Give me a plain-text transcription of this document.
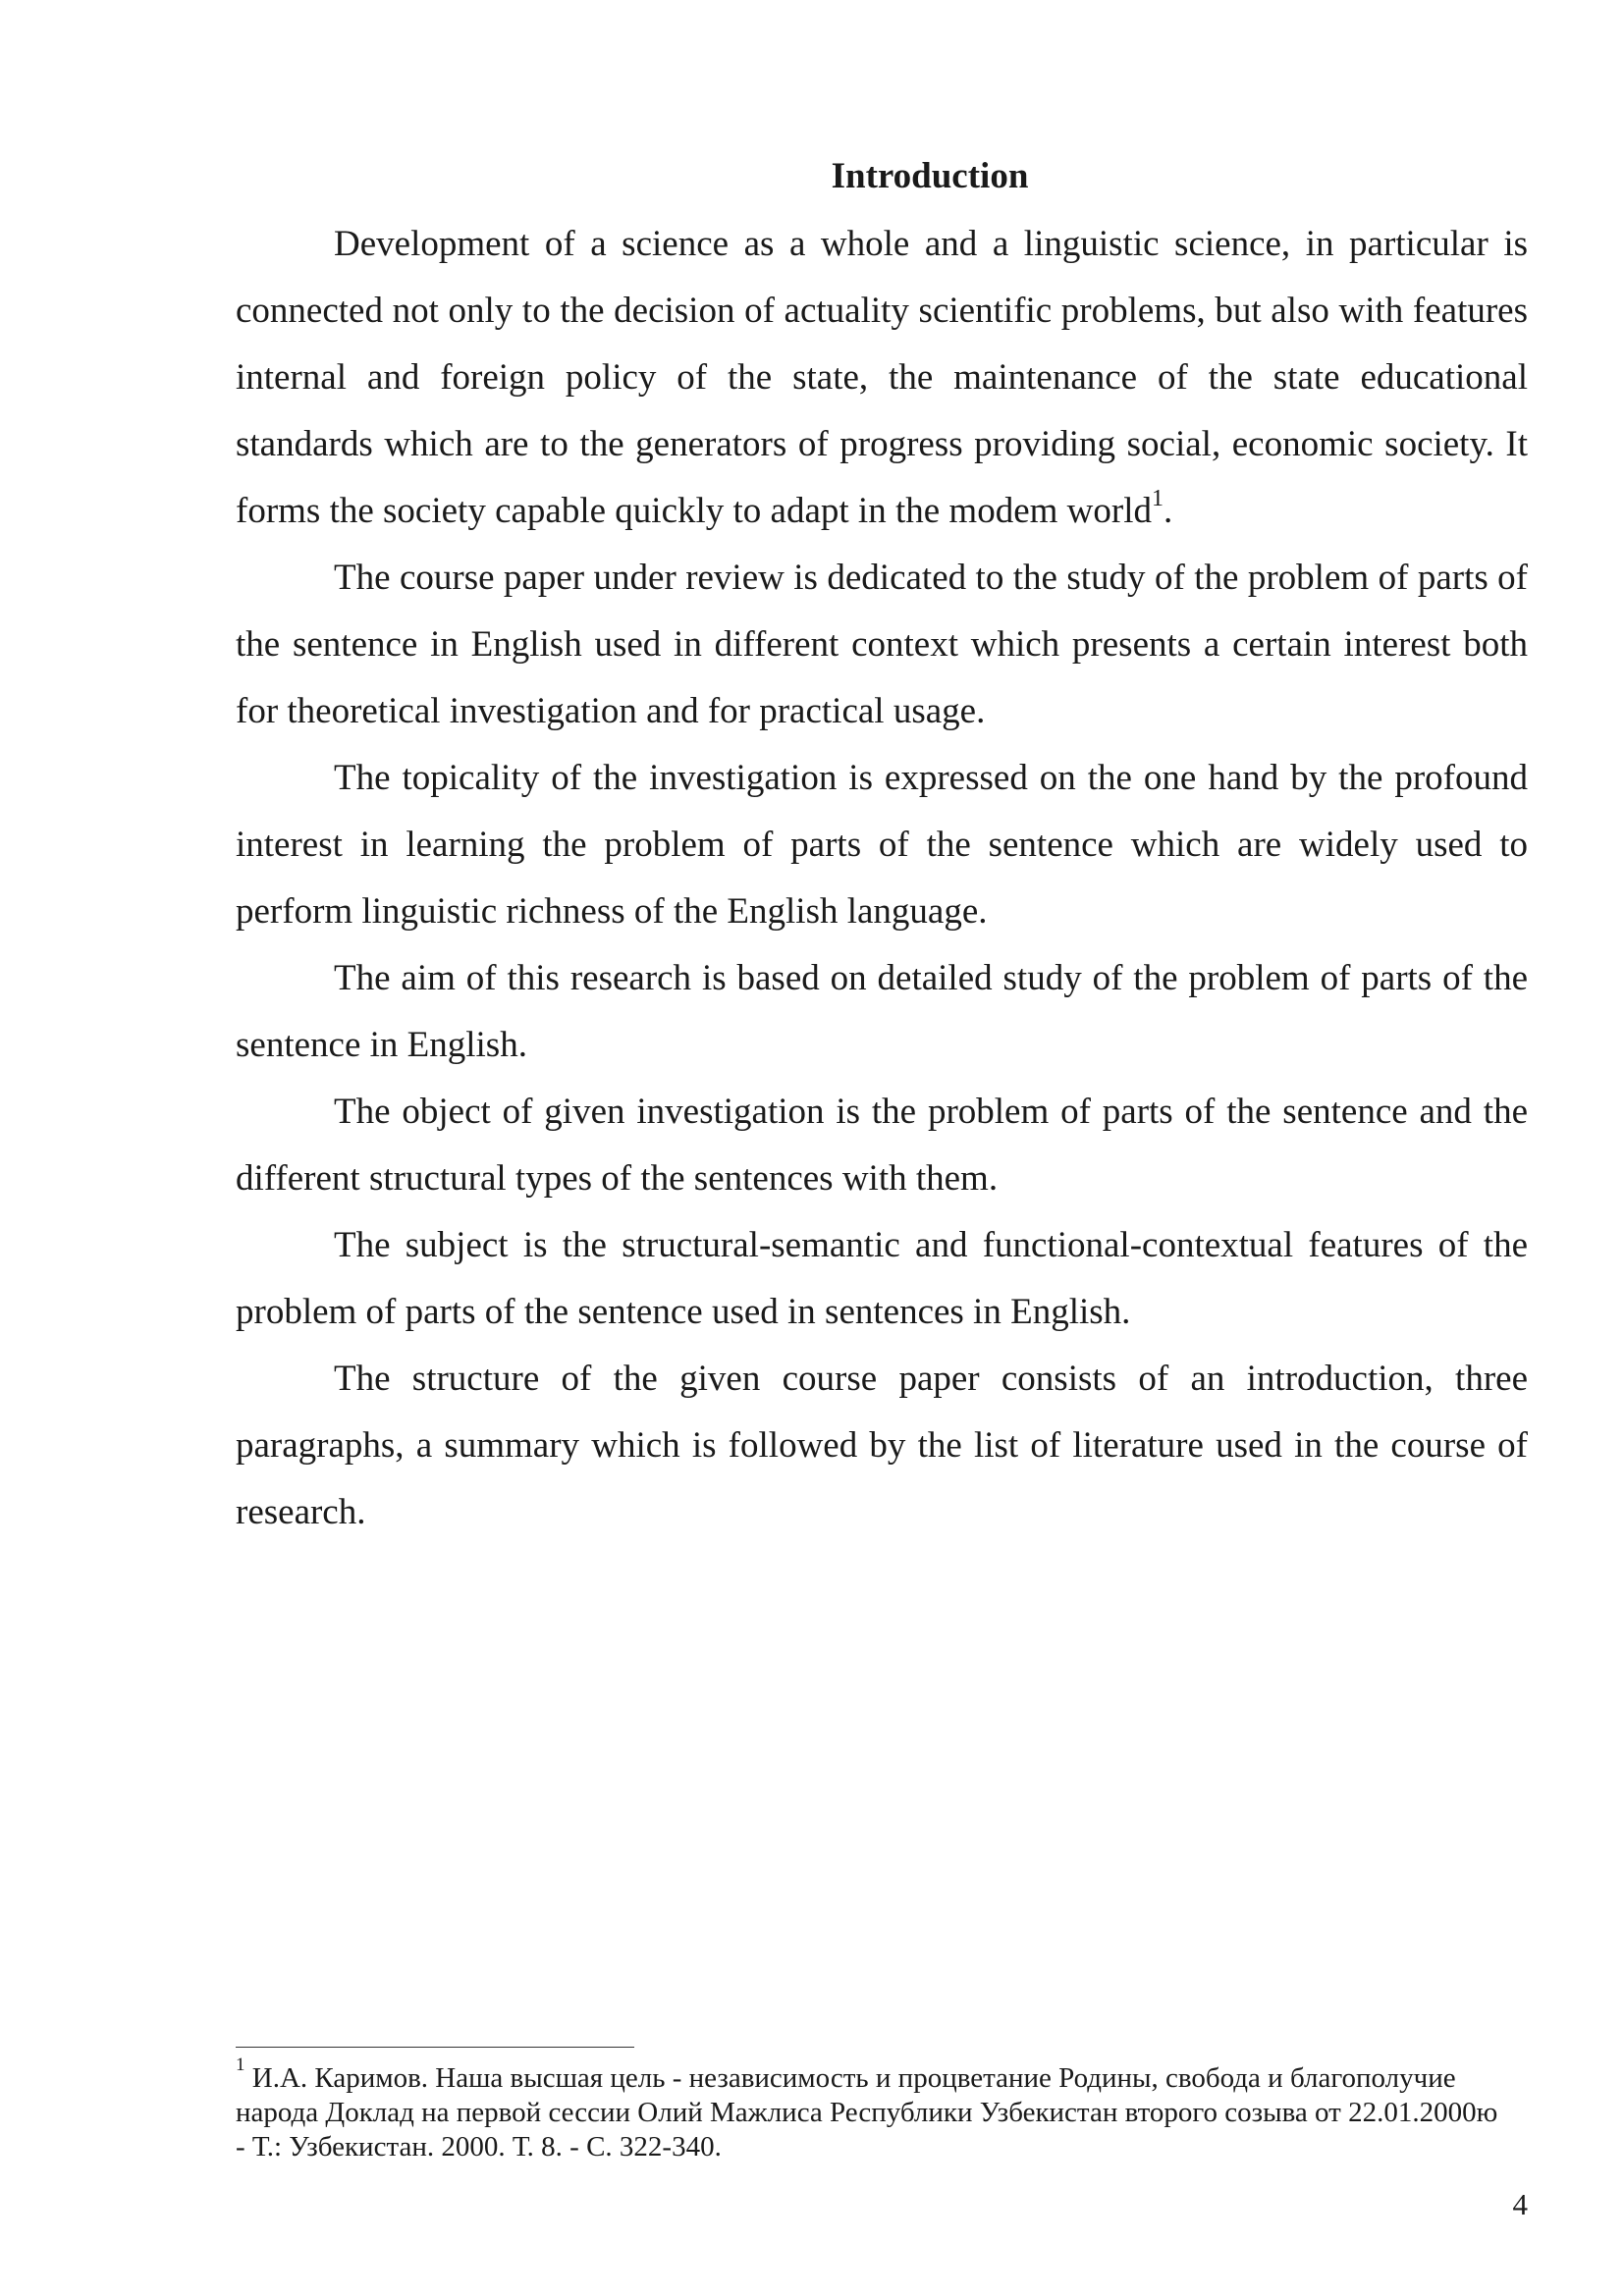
Introduction

Development of a science as a whole and a linguistic science, in particular is connected not only to the decision of actuality scientific problems, but also with features internal and foreign policy of the state, the maintenance of the state educational standards which are to the generators of progress providing social, economic society. It forms the society capable quickly to adapt in the modem world$^1$.

The course paper under review is dedicated to the study of the problem of parts of the sentence in English used in different context which presents a certain interest both for theoretical investigation and for practical usage.

The topicality of the investigation is expressed on the one hand by the profound interest in learning the problem of parts of the sentence which are widely used to perform linguistic richness of the English language.

The aim of this research is based on detailed study of the problem of parts of the sentence in English.

The object of given investigation is the problem of parts of the sentence and the different structural types of the sentences with them.

The subject is the structural-semantic and functional-contextual features of the problem of parts of the sentence used in sentences in English.

The structure of the given course paper consists of an introduction, three paragraphs, a summary which is followed by the list of literature used in the course of research.

$^1$ И.А. Каримов. Наша высшая цель - независимость и процветание Родины, свобода и благополучие народа Доклад на первой сессии Олий Мажлиса Республики Узбекистан второго созыва от 22.01.2000ю - Т.: Узбекистан. 2000. Т. 8. - С. 322-340.

4
